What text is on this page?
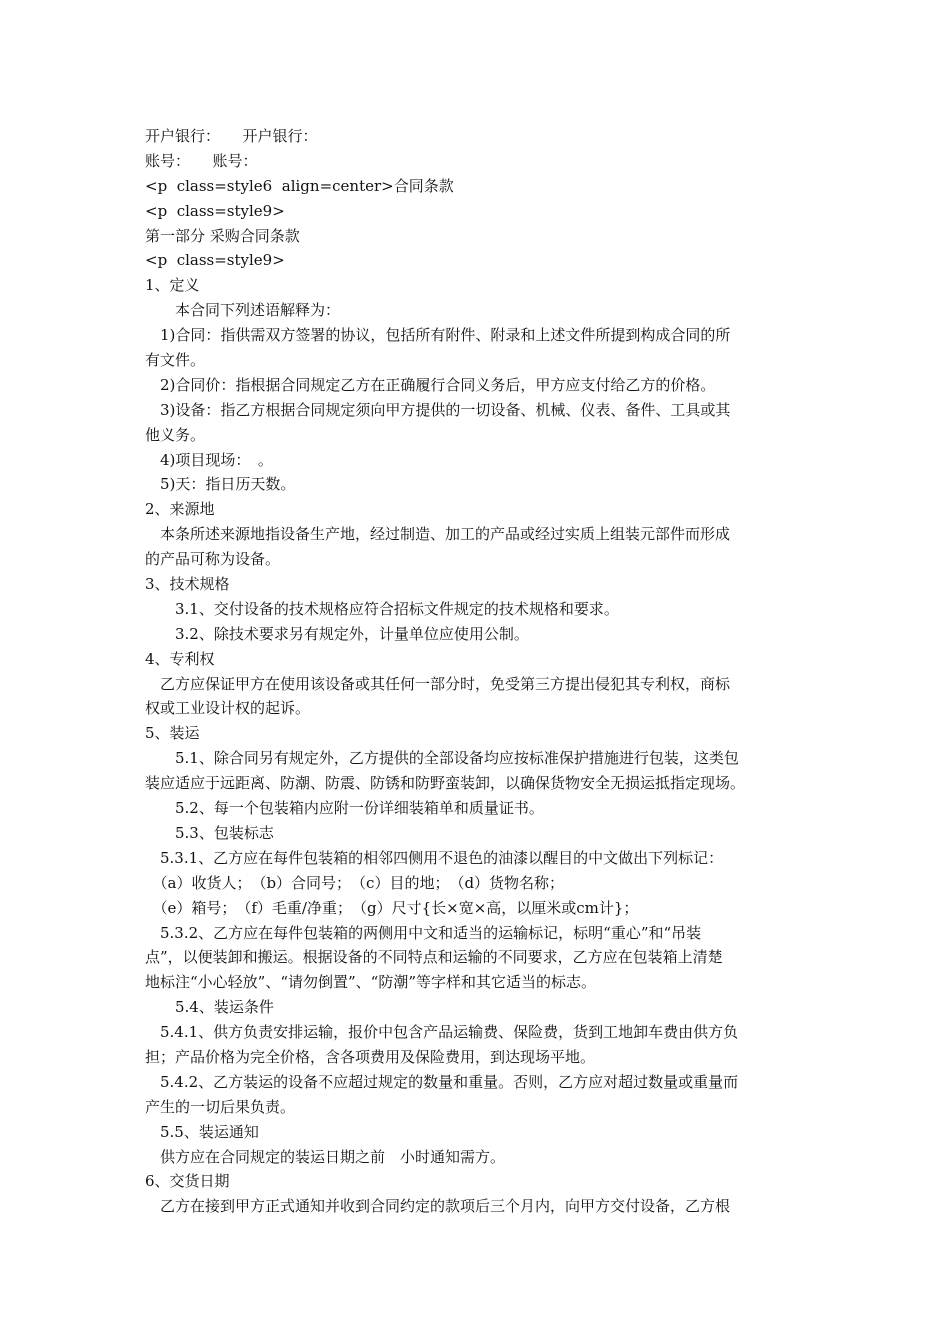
开户银行：　　开户银行：
账号：　　账号：
<p  class=style6  align=center>合同条款
<p  class=style9>
第一部分 采购合同条款
<p  class=style9>
1、定义
　　本合同下列述语解释为：
　1)合同：指供需双方签署的协议，包括所有附件、附录和上述文件所提到构成合同的所
有文件。
　2)合同价：指根据合同规定乙方在正确履行合同义务后，甲方应支付给乙方的价格。
　3)设备：指乙方根据合同规定须向甲方提供的一切设备、机械、仪表、备件、工具或其
他义务。
　4)项目现场：　。
　5)天：指日历天数。
2、来源地
　本条所述来源地指设备生产地，经过制造、加工的产品或经过实质上组装元部件而形成
的产品可称为设备。
3、技术规格
　　3.1、交付设备的技术规格应符合招标文件规定的技术规格和要求。
　　3.2、除技术要求另有规定外，计量单位应使用公制。
4、专利权
　乙方应保证甲方在使用该设备或其任何一部分时，免受第三方提出侵犯其专利权，商标
权或工业设计权的起诉。
5、装运
　　5.1、除合同另有规定外，乙方提供的全部设备均应按标准保护措施进行包装，这类包
装应适应于远距离、防潮、防震、防锈和防野蛮装卸，以确保货物安全无损运抵指定现场。
　　5.2、每一个包装箱内应附一份详细装箱单和质量证书。
　　5.3、包装标志
　5.3.1、乙方应在每件包装箱的相邻四侧用不退色的油漆以醒目的中文做出下列标记：
　（a）收货人；　（b）合同号；　（c）目的地；　（d）货物名称；
　（e）箱号；　（f）毛重/净重；　（g）尺寸{长×宽×高，以厘米或cm计}；
　5.3.2、乙方应在每件包装箱的两侧用中文和适当的运输标记，标明“重心”和“吊装
点”，以便装卸和搬运。根据设备的不同特点和运输的不同要求，乙方应在包装箱上清楚
地标注“小心轻放”、“请勿倒置”、“防潮”等字样和其它适当的标志。
　　5.4、装运条件
　5.4.1、供方负责安排运输，报价中包含产品运输费、保险费，货到工地卸车费由供方负
担；产品价格为完全价格，含各项费用及保险费用，到达现场平地。
　5.4.2、乙方装运的设备不应超过规定的数量和重量。否则，乙方应对超过数量或重量而
产生的一切后果负责。
　5.5、装运通知
　供方应在合同规定的装运日期之前　小时通知需方。
6、交货日期
　乙方在接到甲方正式通知并收到合同约定的款项后三个月内，向甲方交付设备，乙方根
